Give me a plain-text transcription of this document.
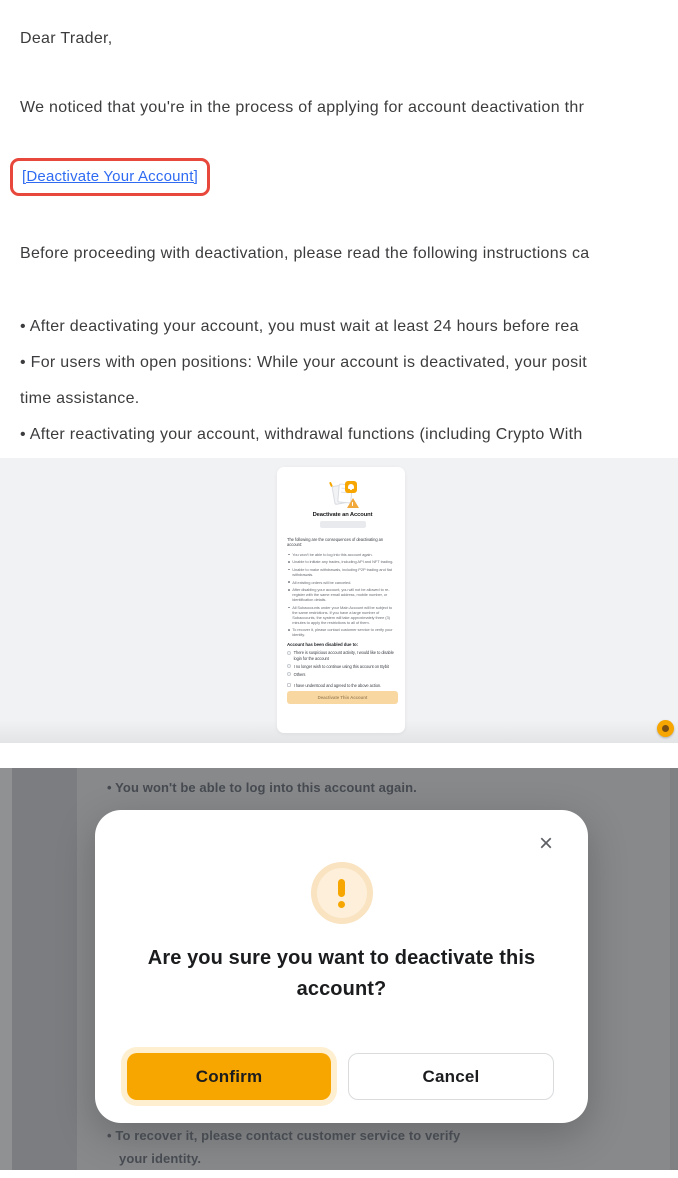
Dear Trader,
We noticed that you're in the process of applying for account deactivation thr
[Deactivate Your Account]
Before proceeding with deactivation, please read the following instructions ca
• After deactivating your account, you must wait at least 24 hours before rea
• For users with open positions: While your account is deactivated, your posit
time assistance.
• After reactivating your account, withdrawal functions (including Crypto With
Deactivate an Account
The following are the consequences of deactivating an account:
You won't be able to log into this account again.
Unable to initiate any trades, including API and NFT trading.
Unable to make withdrawals, including P2P trading and fiat withdrawals.
All existing orders will be canceled.
After disabling your account, you will not be allowed to re-register with the same email address, mobile number, or identification details.
All Subaccounts under your Main Account will be subject to the same restrictions. If you have a large number of Subaccounts, the system will take approximately three (3) minutes to apply the restrictions to all of them.
To recover it, please contact customer service to verify your identity.
Account has been disabled due to:
There is suspicious account activity, I would like to disable login for the account
I no longer wish to continue using this account on Bybit
Others
I have understood and agreed to the above action.
Deactivate This Account
• You won't be able to log into this account again.
×
Are you sure you want to deactivate this
account?
Confirm	Cancel
• To recover it, please contact customer service to verify
your identity.
